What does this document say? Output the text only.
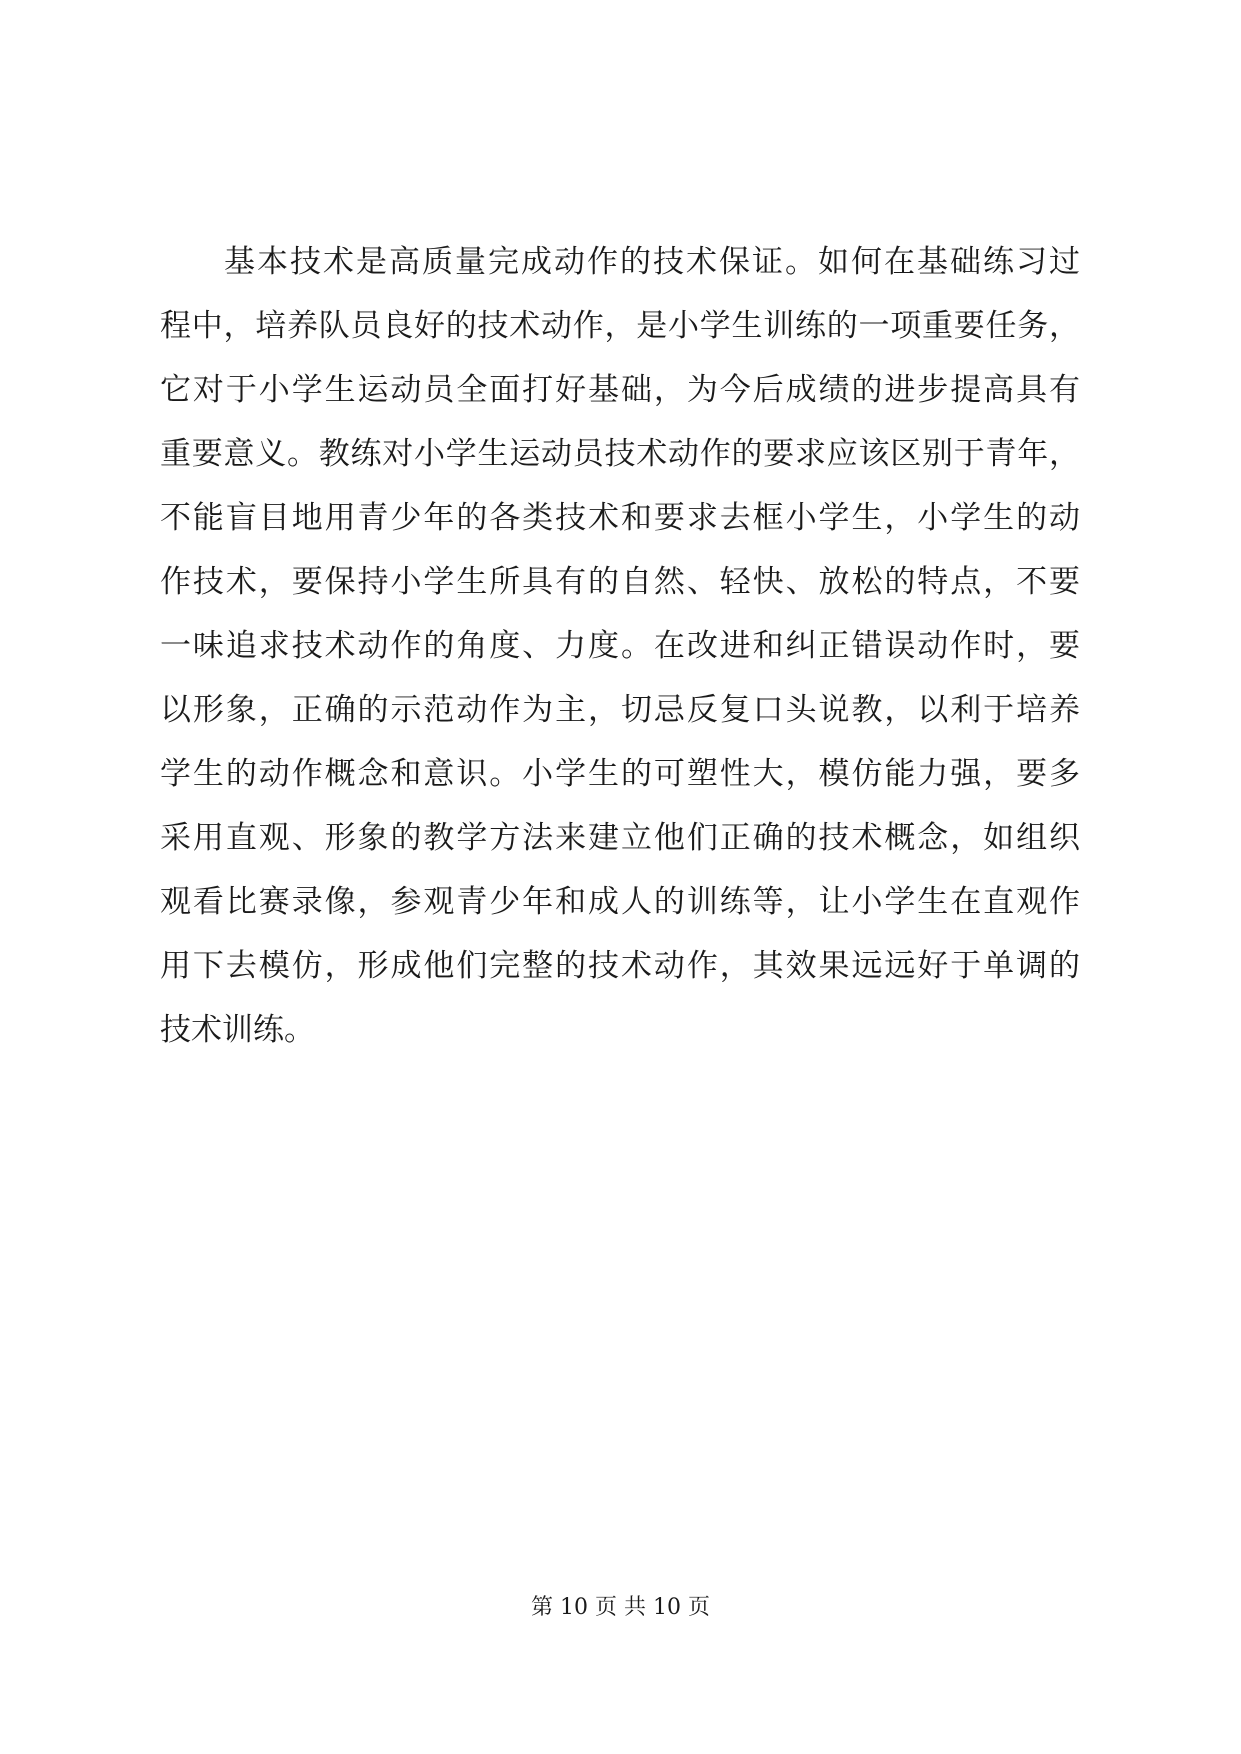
基本技术是高质量完成动作的技术保证。如何在基础练习过
程中，培养队员良好的技术动作，是小学生训练的一项重要任务，
它对于小学生运动员全面打好基础，为今后成绩的进步提高具有
重要意义。教练对小学生运动员技术动作的要求应该区别于青年，
不能盲目地用青少年的各类技术和要求去框小学生，小学生的动
作技术，要保持小学生所具有的自然、轻快、放松的特点，不要
一味追求技术动作的角度、力度。在改进和纠正错误动作时，要
以形象，正确的示范动作为主，切忌反复口头说教，以利于培养
学生的动作概念和意识。小学生的可塑性大，模仿能力强，要多
采用直观、形象的教学方法来建立他们正确的技术概念，如组织
观看比赛录像，参观青少年和成人的训练等，让小学生在直观作
用下去模仿，形成他们完整的技术动作，其效果远远好于单调的
技术训练。
第 10 页 共 10 页
